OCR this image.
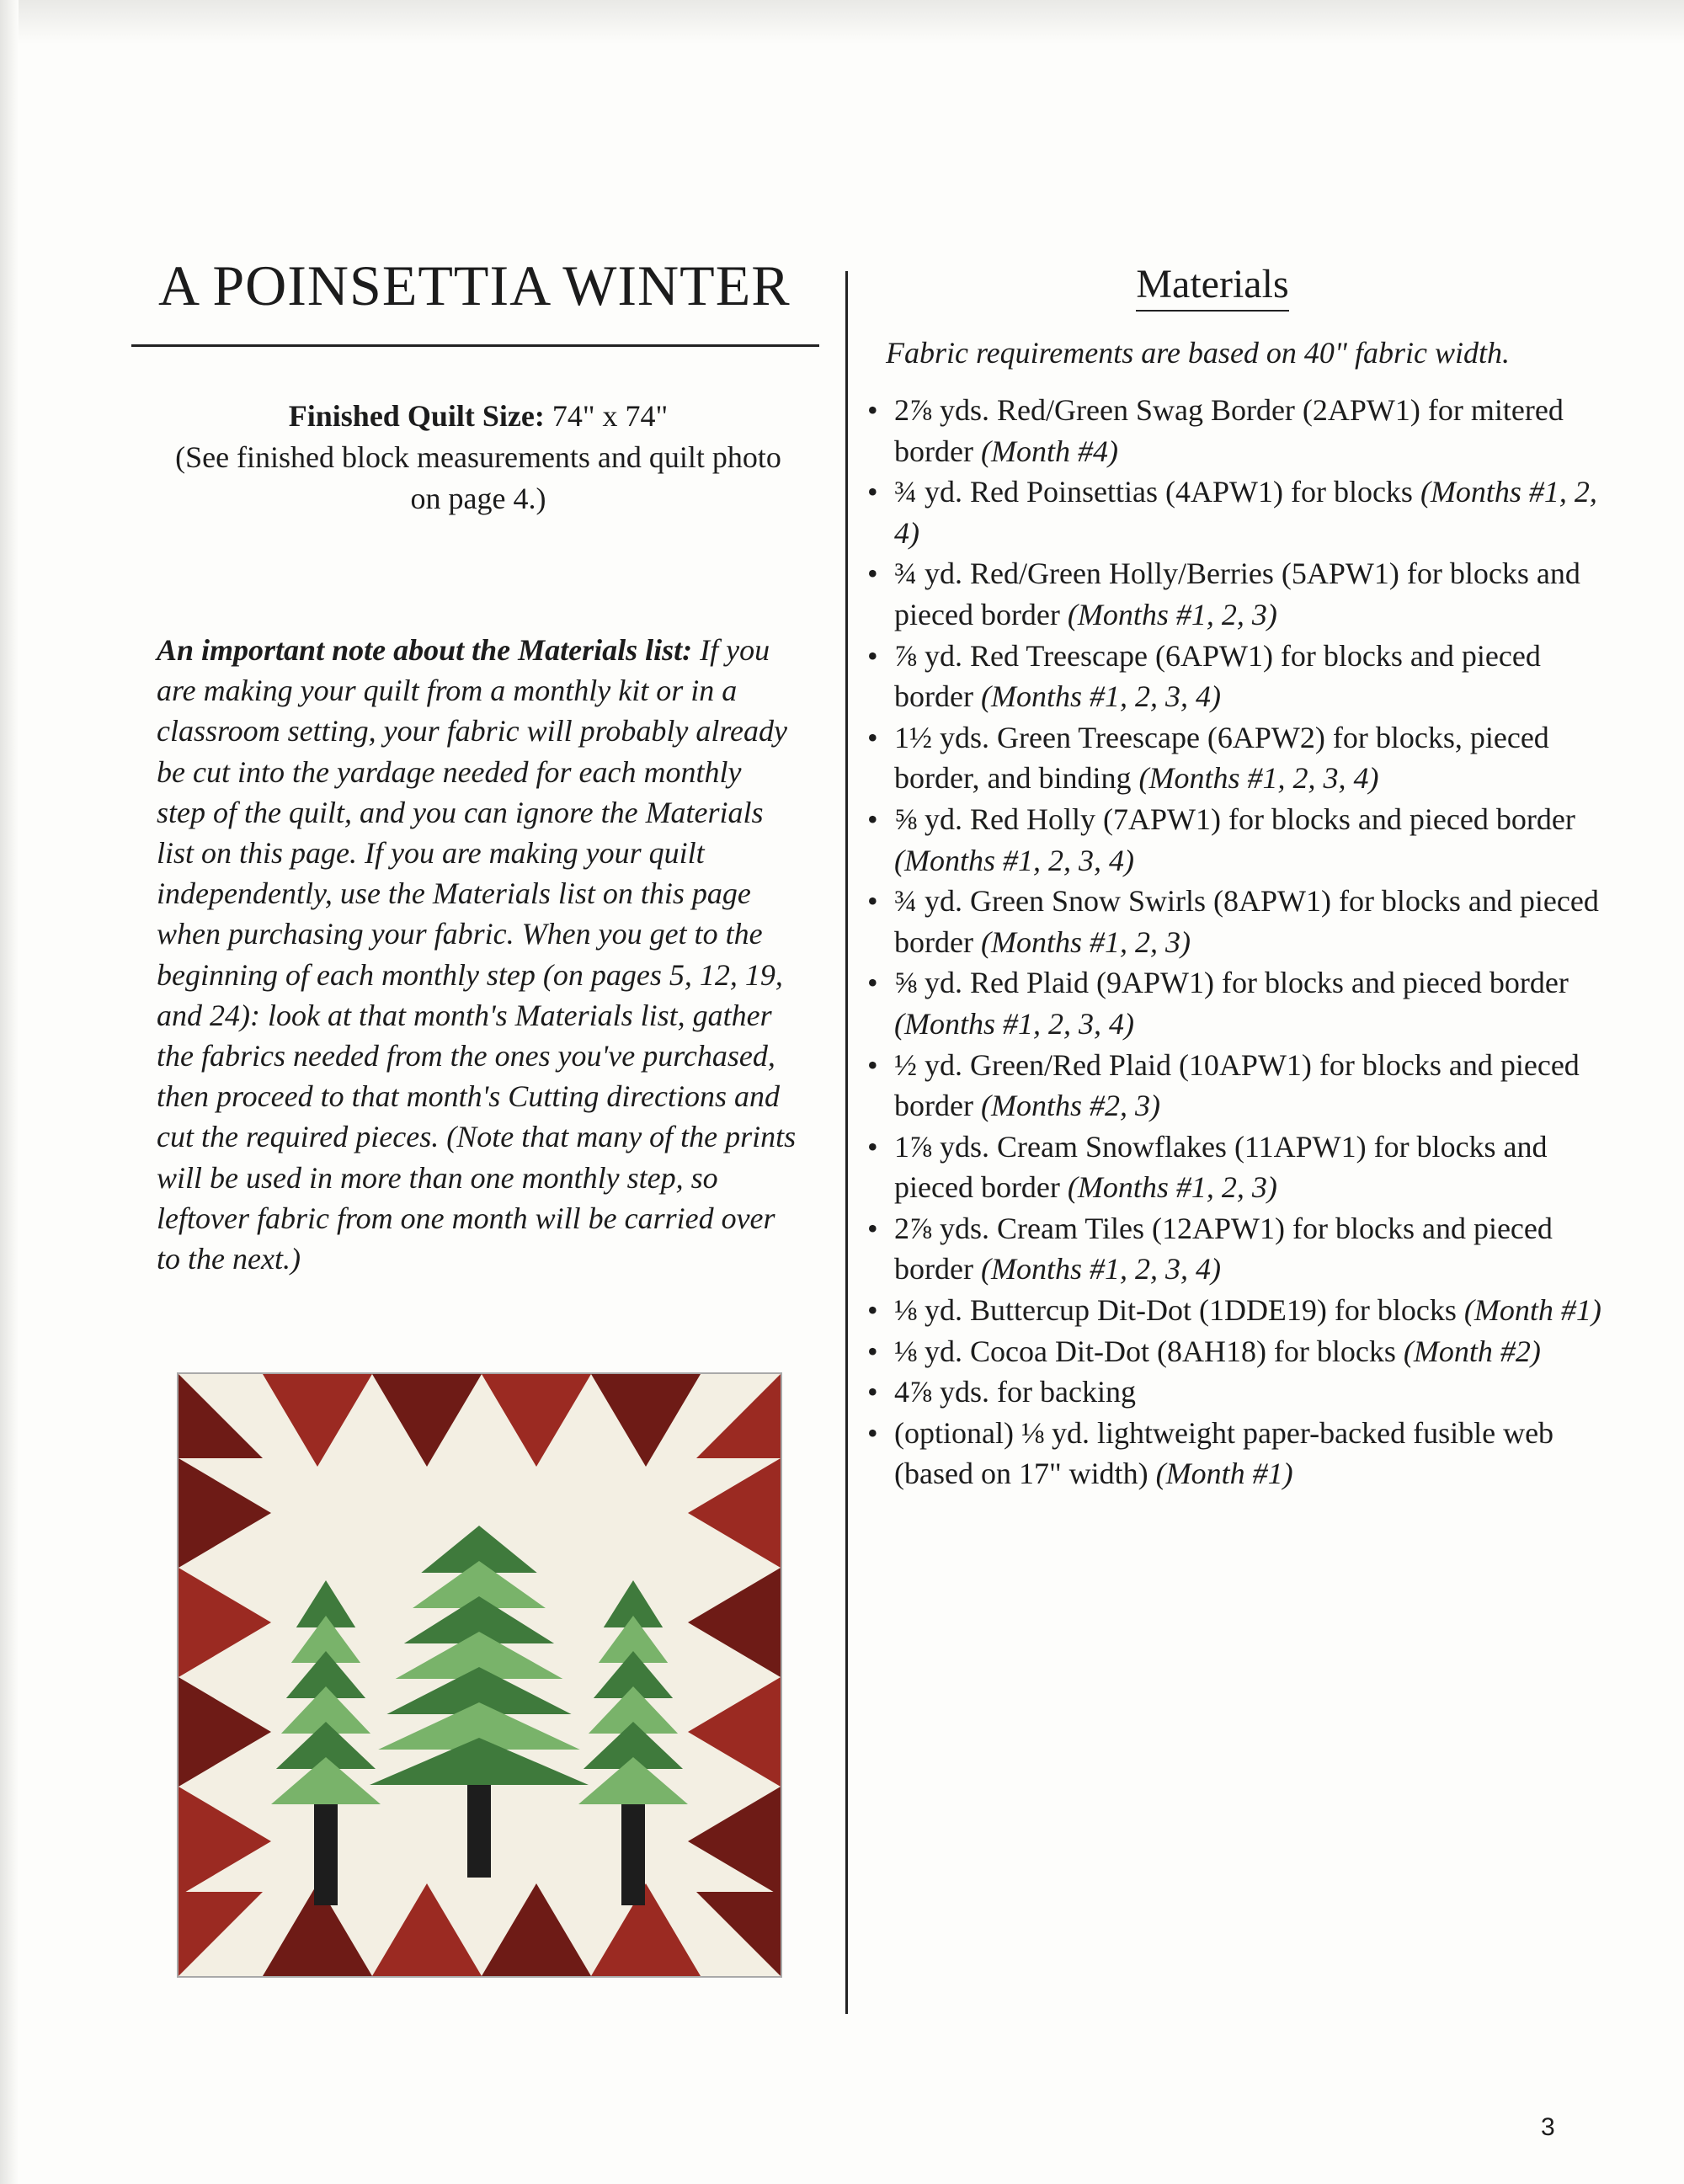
A POINSETTIA WINTER
Finished Quilt Size: 74" x 74"
(See finished block measurements and quilt photo on page 4.)
An important note about the Materials list: If you are making your quilt from a monthly kit or in a classroom setting, your fabric will probably already be cut into the yardage needed for each monthly step of the quilt, and you can ignore the Materials list on this page. If you are making your quilt independently, use the Materials list on this page when purchasing your fabric. When you get to the beginning of each monthly step (on pages 5, 12, 19, and 24): look at that month's Materials list, gather the fabrics needed from the ones you've purchased, then proceed to that month's Cutting directions and cut the required pieces. (Note that many of the prints will be used in more than one monthly step, so leftover fabric from one month will be carried over to the next.)
Materials
Fabric requirements are based on 40" fabric width.
• 2⅞ yds. Red/Green Swag Border (2APW1) for mitered border (Month #4)
• ¾ yd. Red Poinsettias (4APW1) for blocks (Months #1, 2, 4)
• ¾ yd. Red/Green Holly/Berries (5APW1) for blocks and pieced border (Months #1, 2, 3)
• ⅞ yd. Red Treescape (6APW1) for blocks and pieced border (Months #1, 2, 3, 4)
• 1½ yds. Green Treescape (6APW2) for blocks, pieced border, and binding (Months #1, 2, 3, 4)
• ⅝ yd. Red Holly (7APW1) for blocks and pieced border (Months #1, 2, 3, 4)
• ¾ yd. Green Snow Swirls (8APW1) for blocks and pieced border (Months #1, 2, 3)
• ⅝ yd. Red Plaid (9APW1) for blocks and pieced border (Months #1, 2, 3, 4)
• ½ yd. Green/Red Plaid (10APW1) for blocks and pieced border (Months #2, 3)
• 1⅞ yds. Cream Snowflakes (11APW1) for blocks and pieced border (Months #1, 2, 3)
• 2⅞ yds. Cream Tiles (12APW1) for blocks and pieced border (Months #1, 2, 3, 4)
• ⅛ yd. Buttercup Dit-Dot (1DDE19) for blocks (Month #1)
• ⅛ yd. Cocoa Dit-Dot (8AH18) for blocks (Month #2)
• 4⅞ yds. for backing
• (optional) ⅛ yd. lightweight paper-backed fusible web (based on 17" width) (Month #1)
3
